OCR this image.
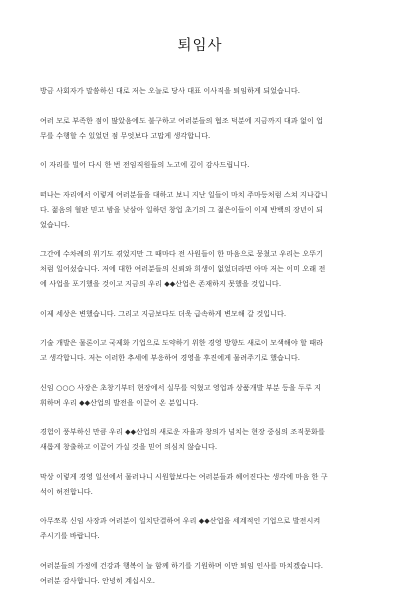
퇴임사

방금 사회자가 말씀하신 대로 저는 오늘로 당사 대표 이사직을 퇴임하게 되었습니다.

여러 모로 부족한 점이 많았음에도 불구하고 여러분들의 협조 덕분에 지금까지 대과 없이 업
무를 수행할 수 있었던 점 무엇보다 고맙게 생각합니다.

이 자리를 빌어 다시 한 번 전임직원들의 노고에 깊이 감사드립니다.

떠나는 자리에서 이렇게 여러분들을 대하고 보니 지난 일들이 마치 주마등처럼 스쳐 지나갑니
다. 젊음의 혈판 믿고 밤을 낮삼아 일하던 창업 초기의 그 젊은이들이 이제 반백의 장년이 되
었습니다.

그간에 수차례의 위기도 겪었지만 그 때마다 전 사원들이 한 마음으로 뭉쳤고 우리는 오뚜기
처럼 일어섰습니다. 저에 대한 여러분들의 신뢰와 희생이 없었더라면 아마 저는 이미 오래 전
에 사업을 포기했을 것이고 지금의 우리 ◆◆산업은 존재하지 못했을 것입니다.

이제 세상은 변했습니다. 그리고 지금보다도 더욱 급속하게 변모해 갈 것입니다.

기술 개발은 물론이고 국제화 기업으로 도약하기 위한 경영 방향도 새로이 모색해야 할 때라
고 생각합니다. 저는 이러한 추세에 부응하여 경영을 후진에게 물려주기로 했습니다.

신임 ○○○ 사장은 초창기부터 현장에서 실무를 익혔고 영업과 상품개발 부분 등을 두루 지
휘하며 우리 ◆◆산업의 발전을 이끌어 온 분입니다.

경험이 풍부하신 만큼 우리 ◆◆산업의 새로운 자율과 창의가 넘치는 현장 중심의 조직문화를
새롭게 창출하고 이끌어 가실 것을 믿어 의심치 않습니다.

막상 이렇게 경영 일선에서 물러나니 시원합보다는 여러분들과 헤어진다는 생각에 마음 한 구
석이 허전합니다.

아무쪼록 신임 사장과 여러분이 일치단결하여 우리 ◆◆산업을 세계적인 기업으로 발전시켜
주시기를 바랍니다.

여러분들의 가정에 건강과 행복이 늘 함께 하기를 기원하며 이만 퇴임 인사를 마치겠습니다.
여러분 감사합니다. 안녕히 계십시오.
